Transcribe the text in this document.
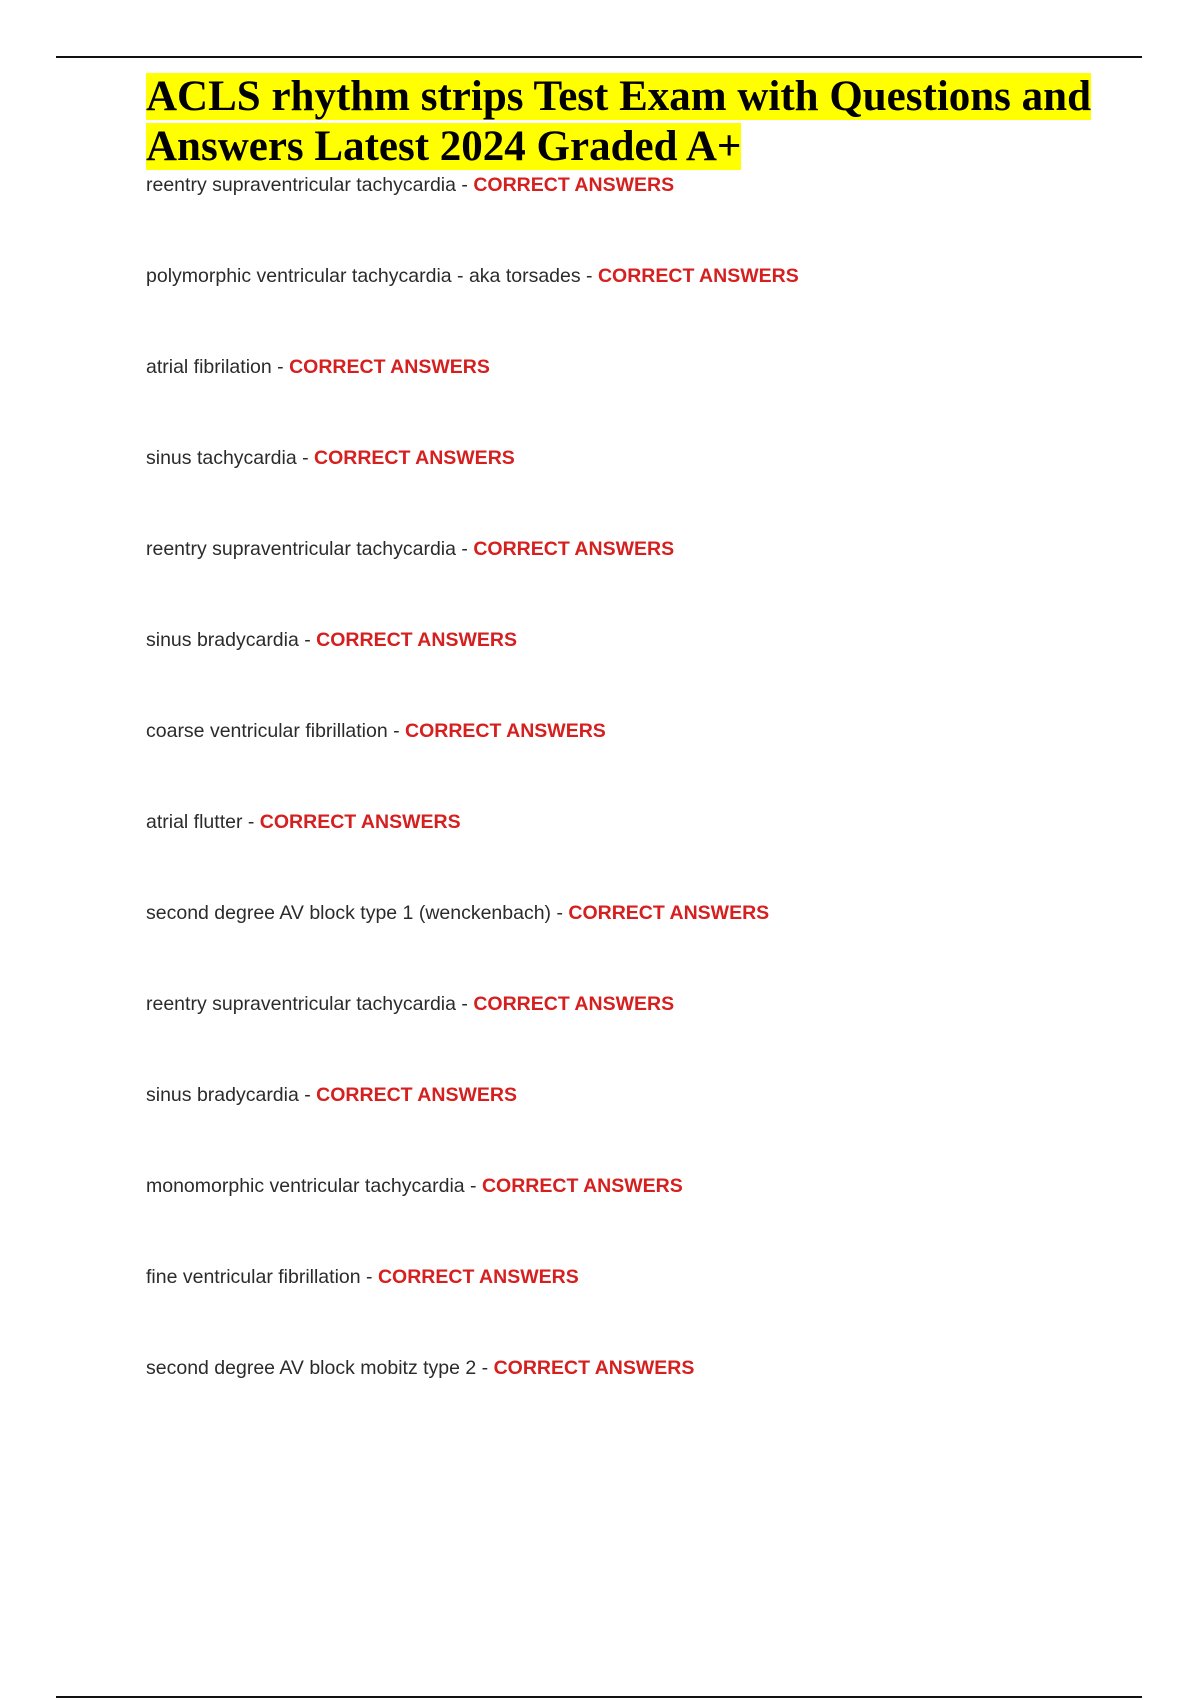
ACLS rhythm strips Test Exam with Questions and Answers Latest 2024 Graded A+
reentry supraventricular tachycardia - CORRECT ANSWERS
polymorphic ventricular tachycardia - aka torsades - CORRECT ANSWERS
atrial fibrilation - CORRECT ANSWERS
sinus tachycardia - CORRECT ANSWERS
reentry supraventricular tachycardia - CORRECT ANSWERS
sinus bradycardia - CORRECT ANSWERS
coarse ventricular fibrillation - CORRECT ANSWERS
atrial flutter - CORRECT ANSWERS
second degree AV block type 1 (wenckenbach) - CORRECT ANSWERS
reentry supraventricular tachycardia - CORRECT ANSWERS
sinus bradycardia - CORRECT ANSWERS
monomorphic ventricular tachycardia - CORRECT ANSWERS
fine ventricular fibrillation - CORRECT ANSWERS
second degree AV block mobitz type 2 - CORRECT ANSWERS
